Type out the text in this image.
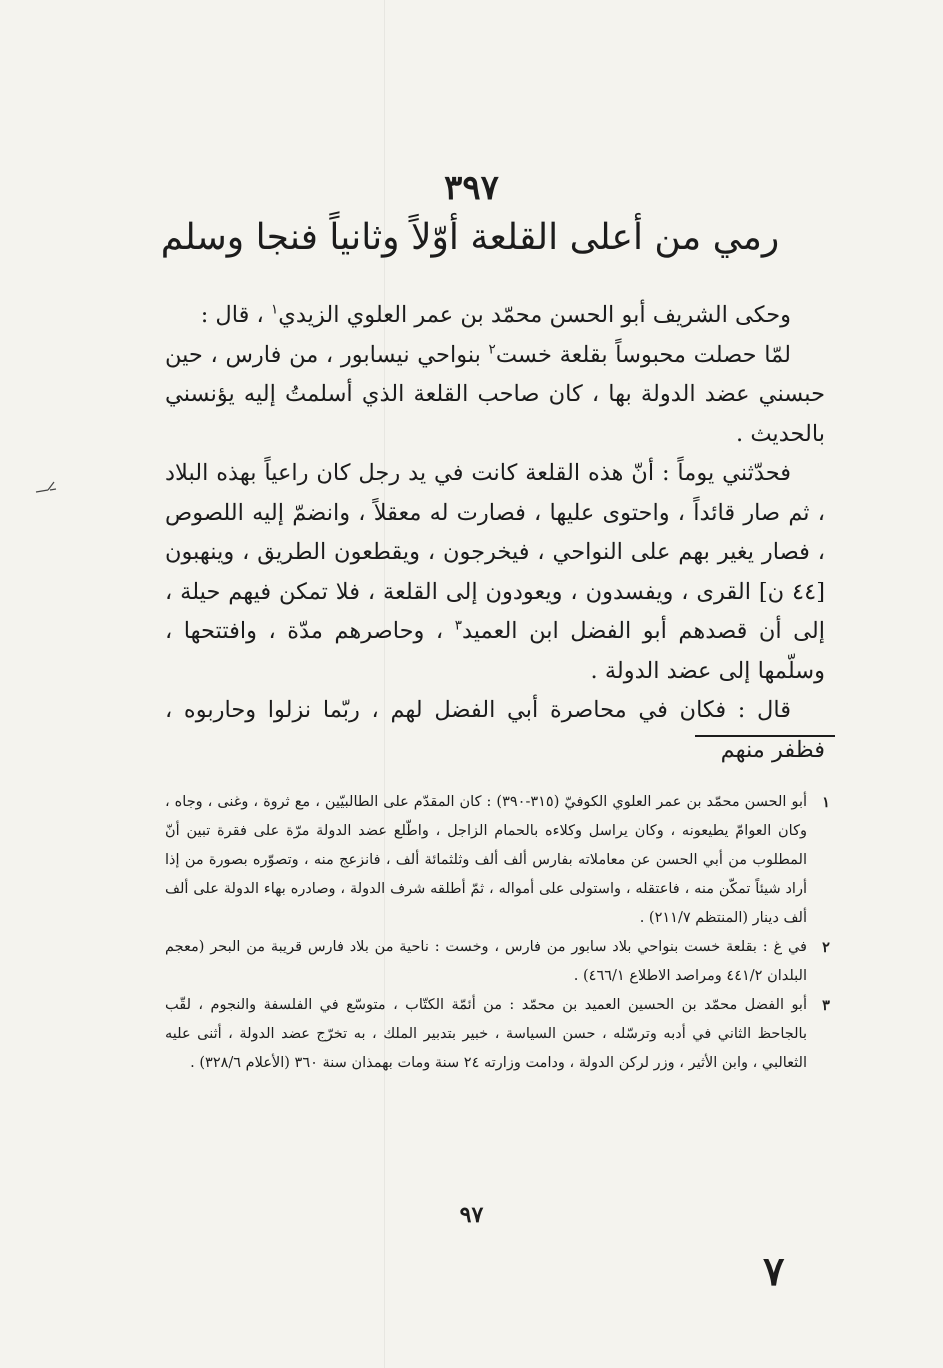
٣٩٧
رمي من أعلى القلعة أوّلاً وثانياً فنجا وسلم

وحكى الشريف أبو الحسن محمّد بن عمر العلوي الزيدي$^١$ ، قال :

لمّا حصلت محبوساً بقلعة خست$^٢$ بنواحي نيسابور ، من فارس ، حين حبسني عضد الدولة بها ، كان صاحب القلعة الذي أسلمتُ إليه يؤنسني بالحديث .

فحدّثني يوماً : أنّ هذه القلعة كانت في يد رجل كان راعياً بهذه البلاد ، ثم صار قائداً ، واحتوى عليها ، فصارت له معقلاً ، وانضمّ إليه اللصوص ، فصار يغير بهم على النواحي ، فيخرجون ، ويقطعون الطريق ، وينهبون [٤٤ ن] القرى ، ويفسدون ، ويعودون إلى القلعة ، فلا تمكن فيهم حيلة ، إلى أن قصدهم أبو الفضل ابن العميد$^٣$ ، وحاصرهم مدّة ، وافتتحها ، وسلّمها إلى عضد الدولة .

قال : فكان في محاصرة أبي الفضل لهم ، ربّما نزلوا وحاربوه ، فظفر منهم

١
أبو الحسن محمّد بن عمر العلوي الكوفيّ (٣١٥-٣٩٠) : كان المقدّم على الطالبيّين ، مع ثروة ، وغنى ، وجاه ، وكان العوامّ يطيعونه ، وكان يراسل وكلاءه بالحمام الزاجل ، واطّلع عضد الدولة مرّة على فقرة تبين أنّ المطلوب من أبي الحسن عن معاملاته بفارس ألف ألف وثلثمائة ألف ، فانزعج منه ، وتصوّره بصورة من إذا أراد شيئاً تمكّن منه ، فاعتقله ، واستولى على أمواله ، ثمّ أطلقه شرف الدولة ، وصادره بهاء الدولة على ألف ألف دينار (المنتظم ٢١١/٧) .
٢
في غ : بقلعة خست بنواحي بلاد سابور من فارس ، وخست : ناحية من بلاد فارس قريبة من البحر (معجم البلدان ٤٤١/٢ ومراصد الاطلاع ٤٦٦/١) .
٣
أبو الفضل محمّد بن الحسين العميد بن محمّد : من أئمّة الكتّاب ، متوسّع في الفلسفة والنجوم ، لقّب بالجاحظ الثاني في أدبه وترسّله ، حسن السياسة ، خبير بتدبير الملك ، به تخرّج عضد الدولة ، أثنى عليه الثعالبي ، وابن الأثير ، وزر لركن الدولة ، ودامت وزارته ٢٤ سنة ومات بهمذان سنة ٣٦٠ (الأعلام ٣٢٨/٦) .
٩٧
٧
